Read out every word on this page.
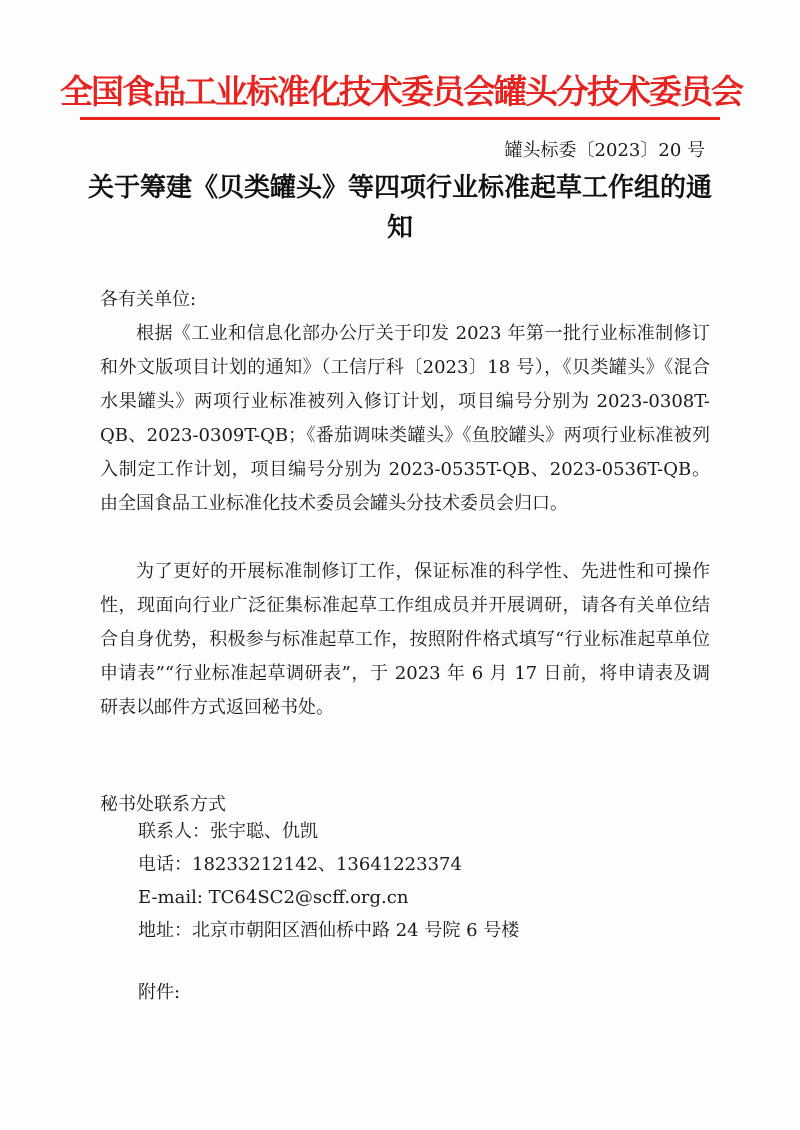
全国食品工业标准化技术委员会罐头分技术委员会
罐头标委〔2023〕20 号
关于筹建《贝类罐头》等四项行业标准起草工作组的通知
各有关单位:

根据《工业和信息化部办公厅关于印发 2023 年第一批行业标准制修订和外文版项目计划的通知》（工信厅科〔2023〕18 号），《贝类罐头》《混合水果罐头》两项行业标准被列入修订计划，项目编号分别为 2023-0308T-QB、2023-0309T-QB；《番茄调味类罐头》《鱼胶罐头》两项行业标准被列入制定工作计划，项目编号分别为 2023-0535T-QB、2023-0536T-QB。由全国食品工业标准化技术委员会罐头分技术委员会归口。

为了更好的开展标准制修订工作，保证标准的科学性、先进性和可操作性，现面向行业广泛征集标准起草工作组成员并开展调研，请各有关单位结合自身优势，积极参与标准起草工作，按照附件格式填写“行业标准起草单位申请表”“行业标准起草调研表”，于 2023 年 6 月 17 日前，将申请表及调研表以邮件方式返回秘书处。

秘书处联系方式
联系人：张宇聪、仇凯
电话：18233212142、13641223374
E-mail: TC64SC2@scff.org.cn
地址：北京市朝阳区酒仙桥中路 24 号院 6 号楼
附件:
